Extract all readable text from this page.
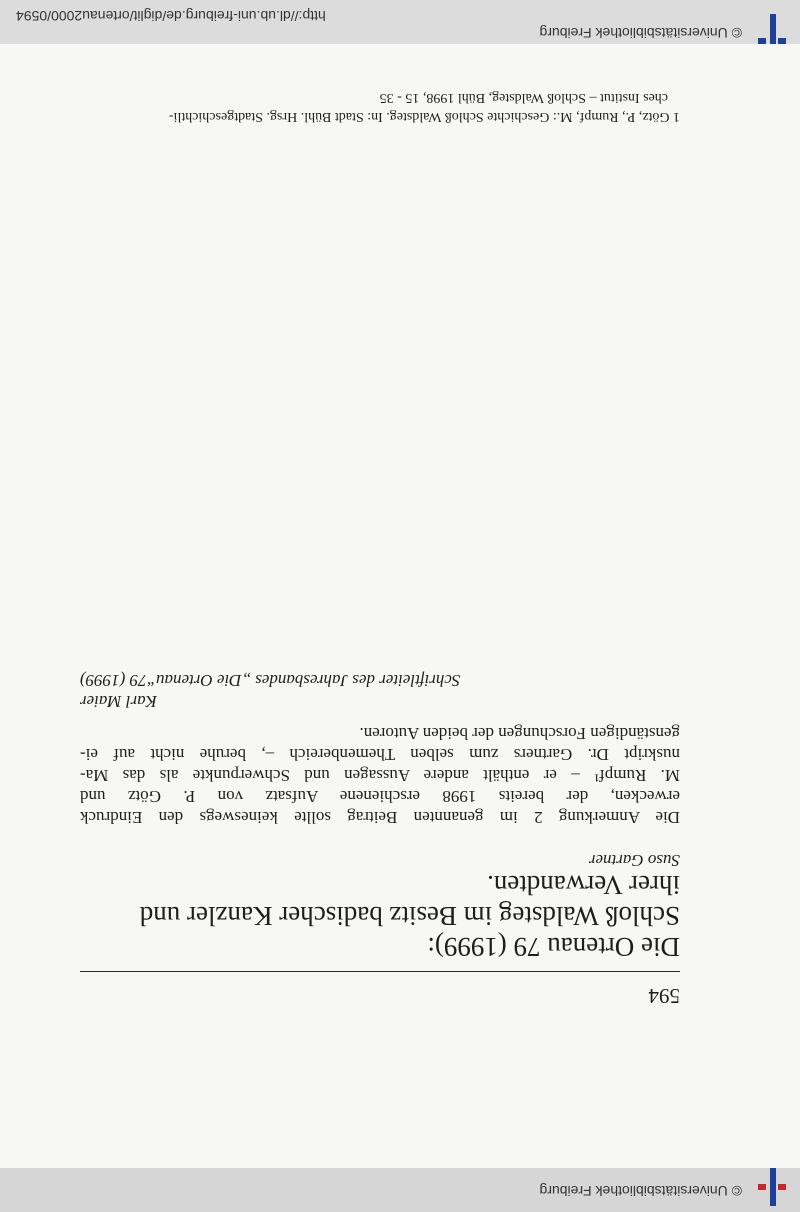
© Universitätsbibliothek Freiburg
594
Die Ortenau 79 (1999):
Schloß Waldsteg im Besitz badischer Kanzler und
ihrer Verwandten.
Suso Gartner
Die Anmerkung 2 im genannten Beitrag sollte keineswegs den Eindruck
erwecken, der bereits 1998 erschienene Aufsatz von P. Götz und
M. Rumpf¹ – er enthält andere Aussagen und Schwerpunkte als das Ma-
nuskript Dr. Gartners zum selben Themenbereich –, beruhe nicht auf ei-
genständigen Forschungen der beiden Autoren.
Karl Maier
Schriftleiter des Jahresbandes „Die Ortenau“79 (1999)
1 Götz, P., Rumpf, M.: Geschichte Schloß Waldsteg. In: Stadt Bühl. Hrsg. Stadtgeschichtli-
ches Institut – Schloß Waldsteg, Bühl 1998, 15 - 35
© Universitätsbibliothek Freiburg
http://dl.ub.uni-freiburg.de/diglit/ortenau2000/0594
